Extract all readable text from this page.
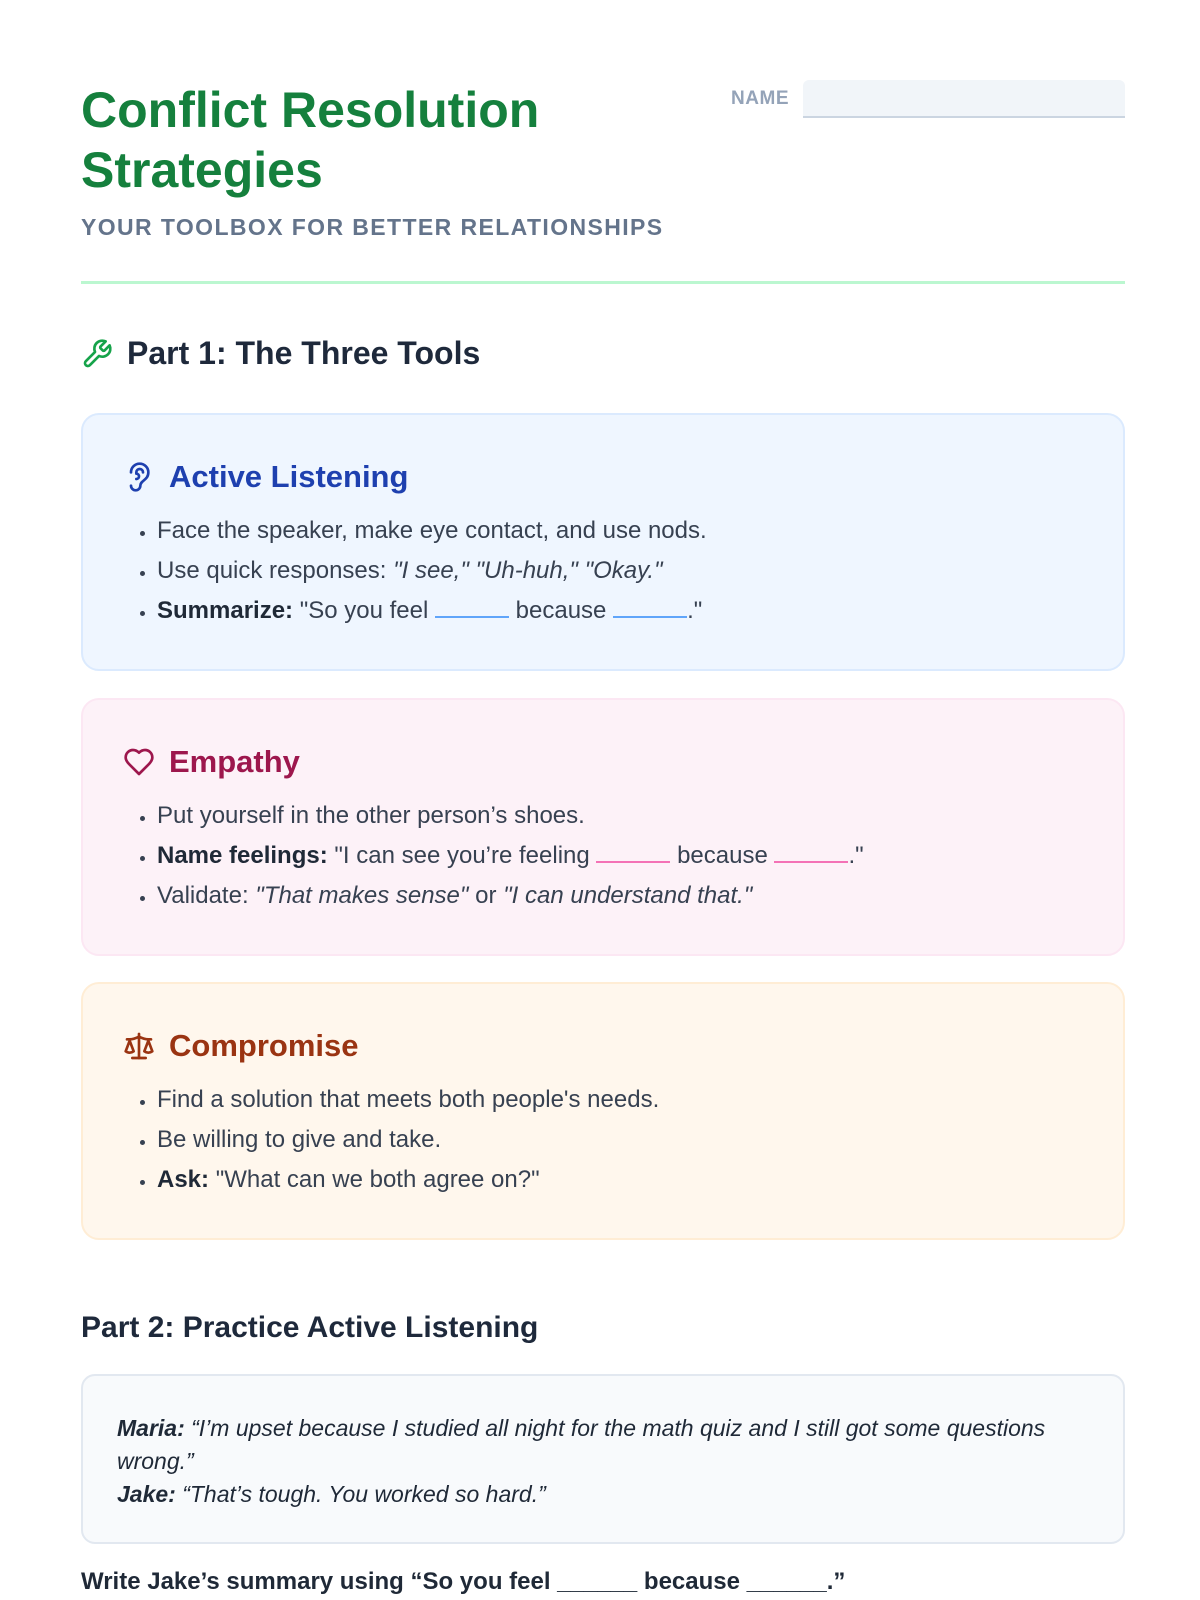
Conflict Resolution Strategies
YOUR TOOLBOX FOR BETTER RELATIONSHIPS
NAME
Part 1: The Three Tools
Active Listening
• Face the speaker, make eye contact, and use nods.
• Use quick responses: "I see," "Uh-huh," "Okay."
• Summarize: "So you feel	because	."
Empathy
• Put yourself in the other person’s shoes.
• Name feelings: "I can see you’re feeling	because	."
• Validate: "That makes sense" or "I can understand that."
Compromise
• Find a solution that meets both people's needs.
• Be willing to give and take.
• Ask: "What can we both agree on?"
Part 2: Practice Active Listening
Maria: “I’m upset because I studied all night for the math quiz and I still got some questions wrong.”
Jake: “That’s tough. You worked so hard.”
Write Jake’s summary using “So you feel ______ because ______.”
